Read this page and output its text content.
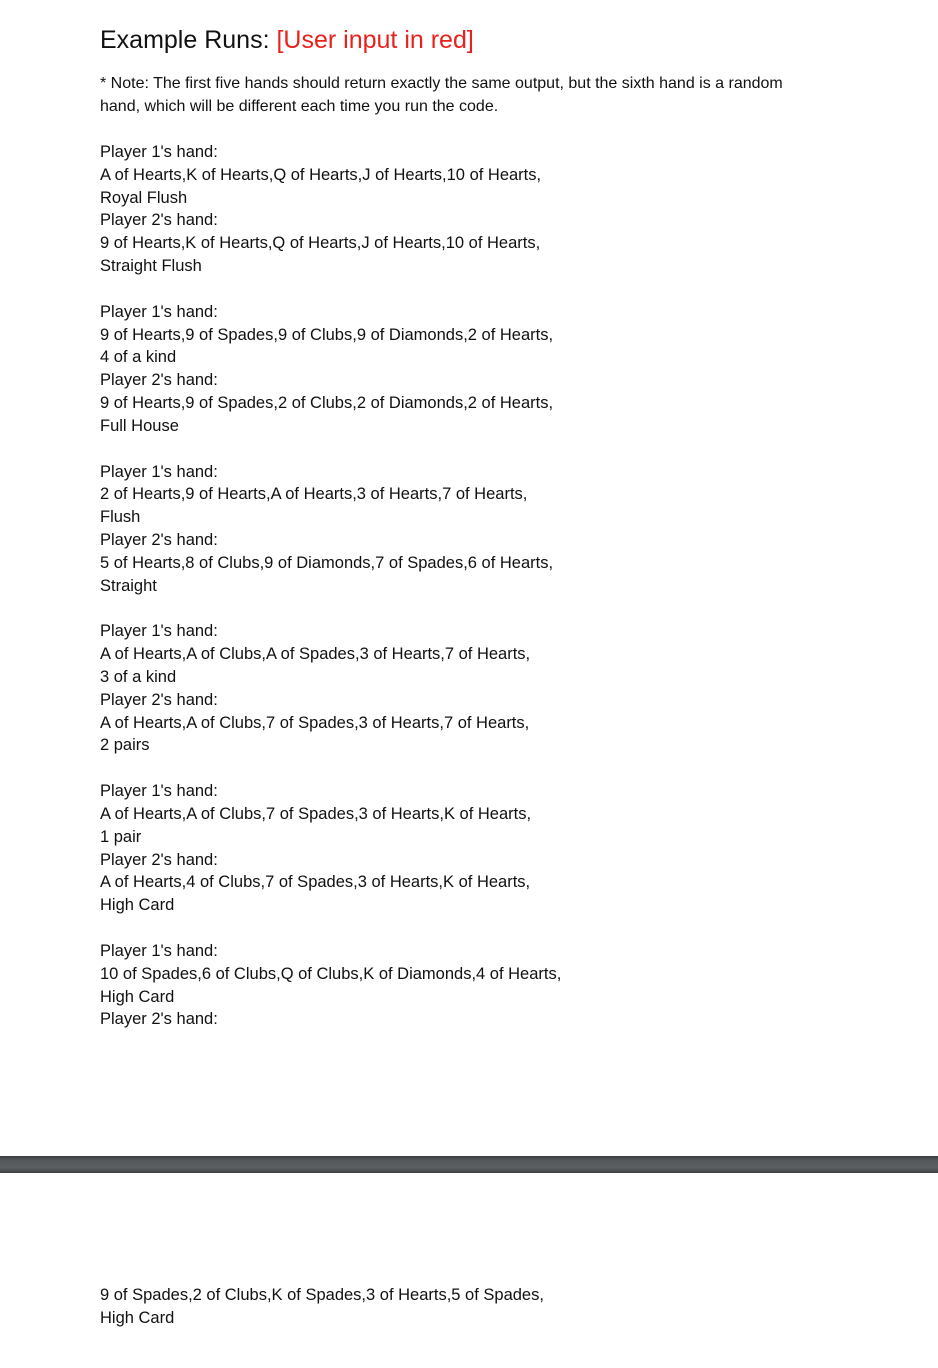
Example Runs: [User input in red]
* Note: The first five hands should return exactly the same output, but the sixth hand is a random hand, which will be different each time you run the code.
Player 1's hand:
A of Hearts,K of Hearts,Q of Hearts,J of Hearts,10 of Hearts,
Royal Flush
Player 2's hand:
9 of Hearts,K of Hearts,Q of Hearts,J of Hearts,10 of Hearts,
Straight Flush
Player 1's hand:
9 of Hearts,9 of Spades,9 of Clubs,9 of Diamonds,2 of Hearts,
4 of a kind
Player 2's hand:
9 of Hearts,9 of Spades,2 of Clubs,2 of Diamonds,2 of Hearts,
Full House
Player 1's hand:
2 of Hearts,9 of Hearts,A of Hearts,3 of Hearts,7 of Hearts,
Flush
Player 2's hand:
5 of Hearts,8 of Clubs,9 of Diamonds,7 of Spades,6 of Hearts,
Straight
Player 1's hand:
A of Hearts,A of Clubs,A of Spades,3 of Hearts,7 of Hearts,
3 of a kind
Player 2's hand:
A of Hearts,A of Clubs,7 of Spades,3 of Hearts,7 of Hearts,
2 pairs
Player 1's hand:
A of Hearts,A of Clubs,7 of Spades,3 of Hearts,K of Hearts,
1 pair
Player 2's hand:
A of Hearts,4 of Clubs,7 of Spades,3 of Hearts,K of Hearts,
High Card
Player 1's hand:
10 of Spades,6 of Clubs,Q of Clubs,K of Diamonds,4 of Hearts,
High Card
Player 2's hand:
9 of Spades,2 of Clubs,K of Spades,3 of Hearts,5 of Spades,
High Card
